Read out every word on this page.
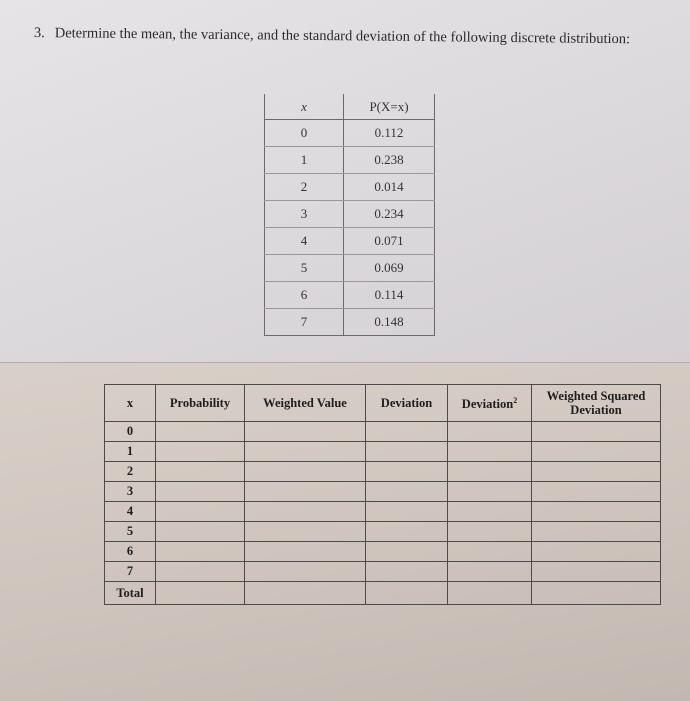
3. Determine the mean, the variance, and the standard deviation of the following discrete distribution:
x	P(X=x)
0	0.112
1	0.238
2	0.014
3	0.234
4	0.071
5	0.069
6	0.114
7	0.148
x	Probability	Weighted Value	Deviation	Deviation$^2$	Weighted Squared Deviation
0					
1					
2					
3					
4					
5					
6					
7					
Total					
